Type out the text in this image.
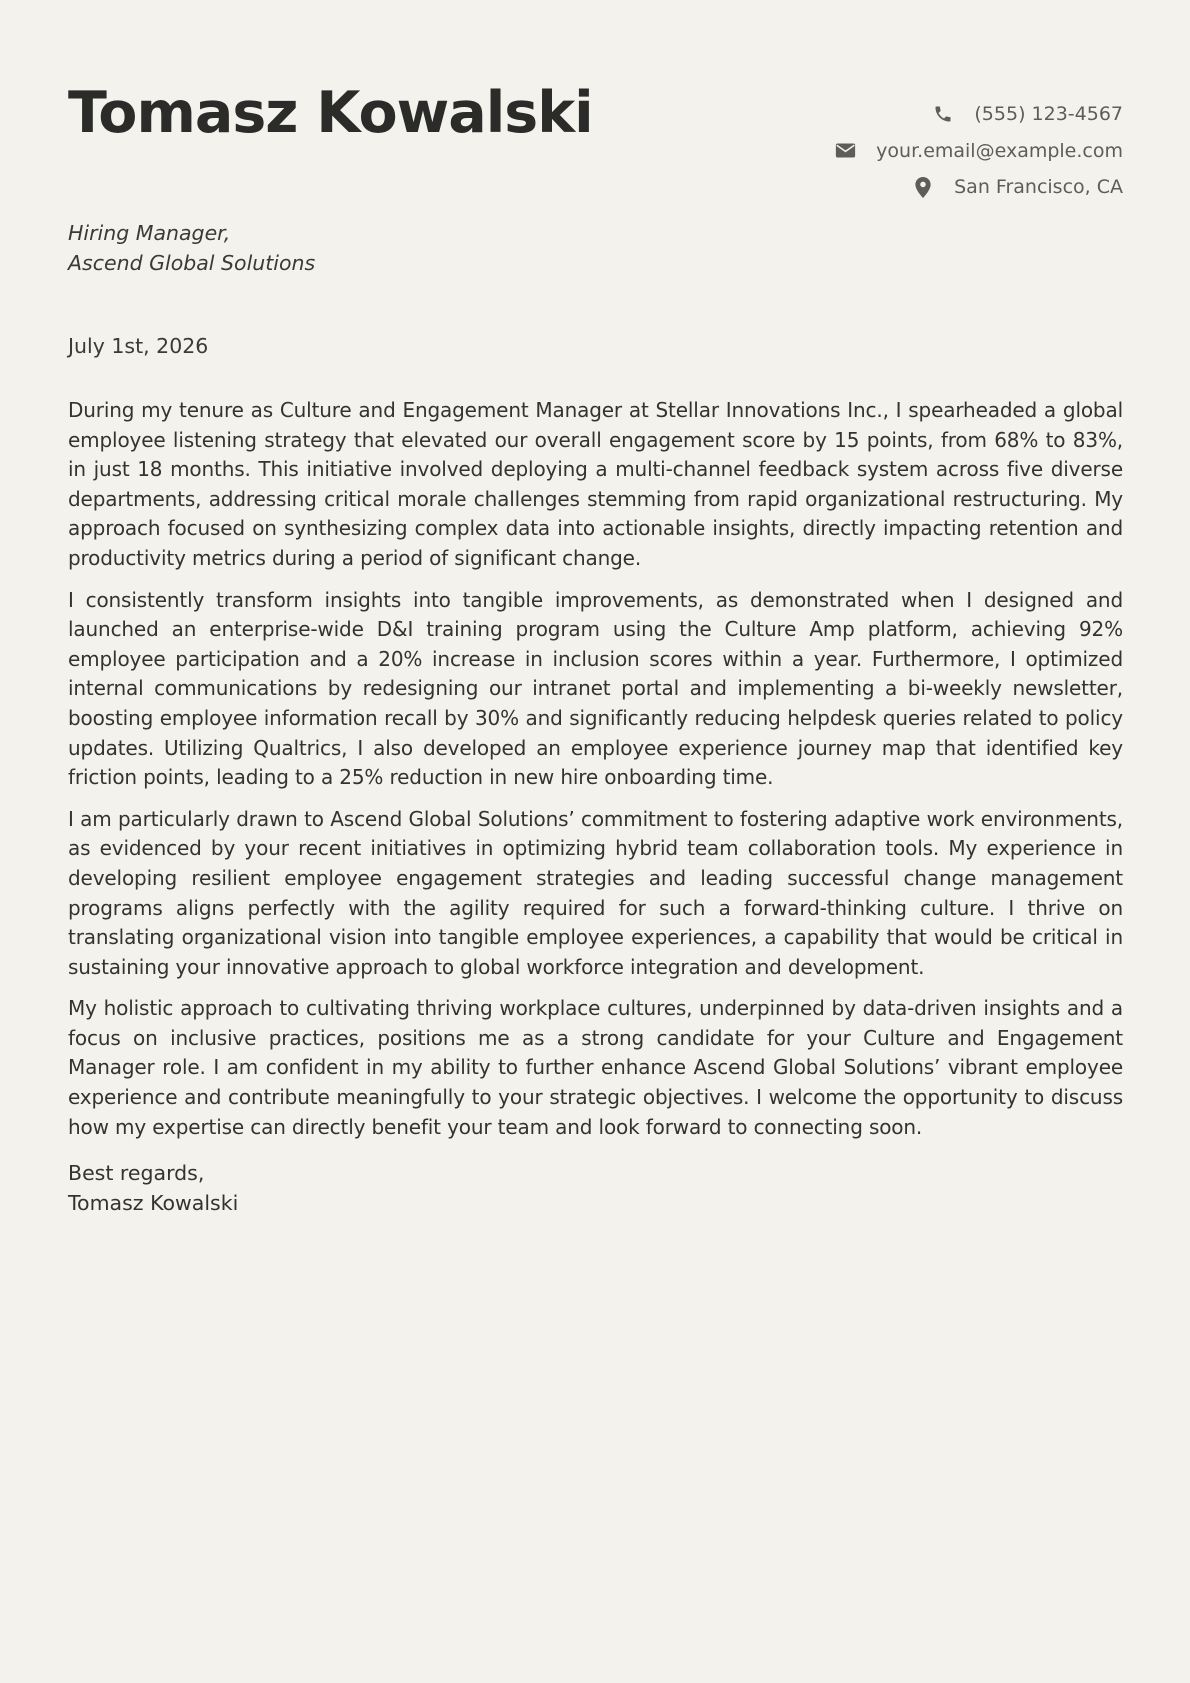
Tomasz Kowalski	(555) 123-4567
your.email@example.com
San Francisco, CA
Hiring Manager,
Ascend Global Solutions
July 1st, 2026

During my tenure as Culture and Engagement Manager at Stellar Innovations Inc., I spearheaded a global employee listening strategy that elevated our overall engagement score by 15 points, from 68% to 83%, in just 18 months. This initiative involved deploying a multi-channel feedback system across five diverse departments, addressing critical morale challenges stemming from rapid organizational restructuring. My approach focused on synthesizing complex data into actionable insights, directly impacting retention and productivity metrics during a period of significant change.

I consistently transform insights into tangible improvements, as demonstrated when I designed and launched an enterprise-wide D&I training program using the Culture Amp platform, achieving 92% employee participation and a 20% increase in inclusion scores within a year. Furthermore, I optimized internal communications by redesigning our intranet portal and implementing a bi-weekly newsletter, boosting employee information recall by 30% and significantly reducing helpdesk queries related to policy updates. Utilizing Qualtrics, I also developed an employee experience journey map that identified key friction points, leading to a 25% reduction in new hire onboarding time.

I am particularly drawn to Ascend Global Solutions’ commitment to fostering adaptive work environments, as evidenced by your recent initiatives in optimizing hybrid team collaboration tools. My experience in developing resilient employee engagement strategies and leading successful change management programs aligns perfectly with the agility required for such a forward-thinking culture. I thrive on translating organizational vision into tangible employee experiences, a capability that would be critical in sustaining your innovative approach to global workforce integration and development.

My holistic approach to cultivating thriving workplace cultures, underpinned by data-driven insights and a focus on inclusive practices, positions me as a strong candidate for your Culture and Engagement Manager role. I am confident in my ability to further enhance Ascend Global Solutions’ vibrant employee experience and contribute meaningfully to your strategic objectives. I welcome the opportunity to discuss how my expertise can directly benefit your team and look forward to connecting soon.

Best regards,
Tomasz Kowalski
